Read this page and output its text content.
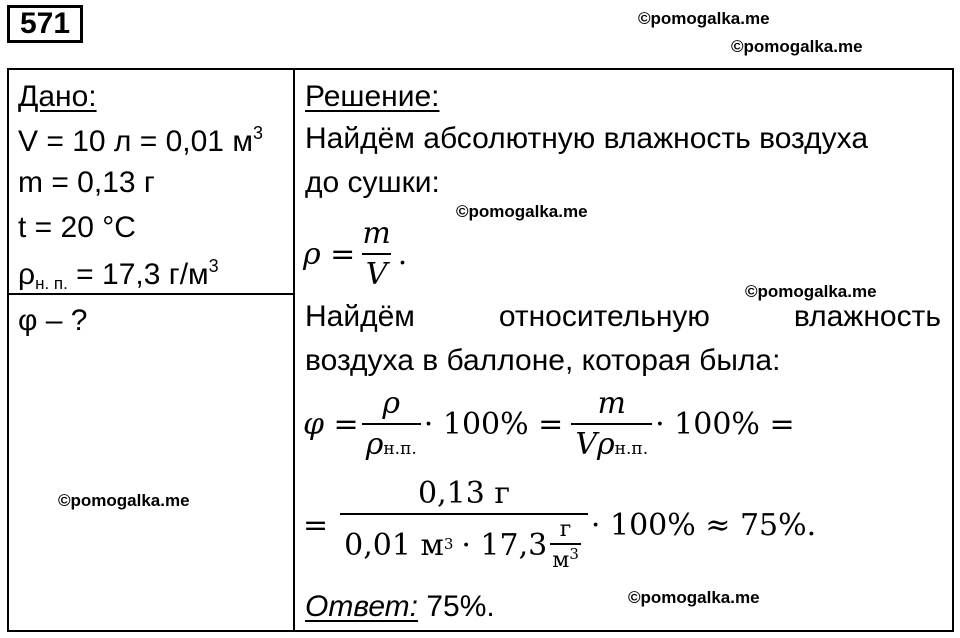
571	©pomogalka.me
©pomogalka.me
©pomogalka.me
©pomogalka.me
©pomogalka.me
©pomogalka.me
Дано:
V = 10 л = 0,01 $м^3$
m = 0,13 г
t = 20 °C
$\rho_{н. п.} = 17,3$ $г/м^3$
φ – ?
Решение:
Найдём абсолютную влажность воздуха
до сушки:
$\rho = \frac{m}{V}$ .
Найдём	относительную	влажность
воздуха в баллоне, которая была:
$\varphi = \frac{\rho}{\rho н.п.} \cdot 100\% = \frac{m}{\text{Vρн.п.}} \cdot 100\%$ =
= $\frac{0,13 г}{0,01 м 3 \cdot 17,3 \frac{г}{м^3}} \cdot 100\% \approx 75\%$.
Ответ: 75%.
